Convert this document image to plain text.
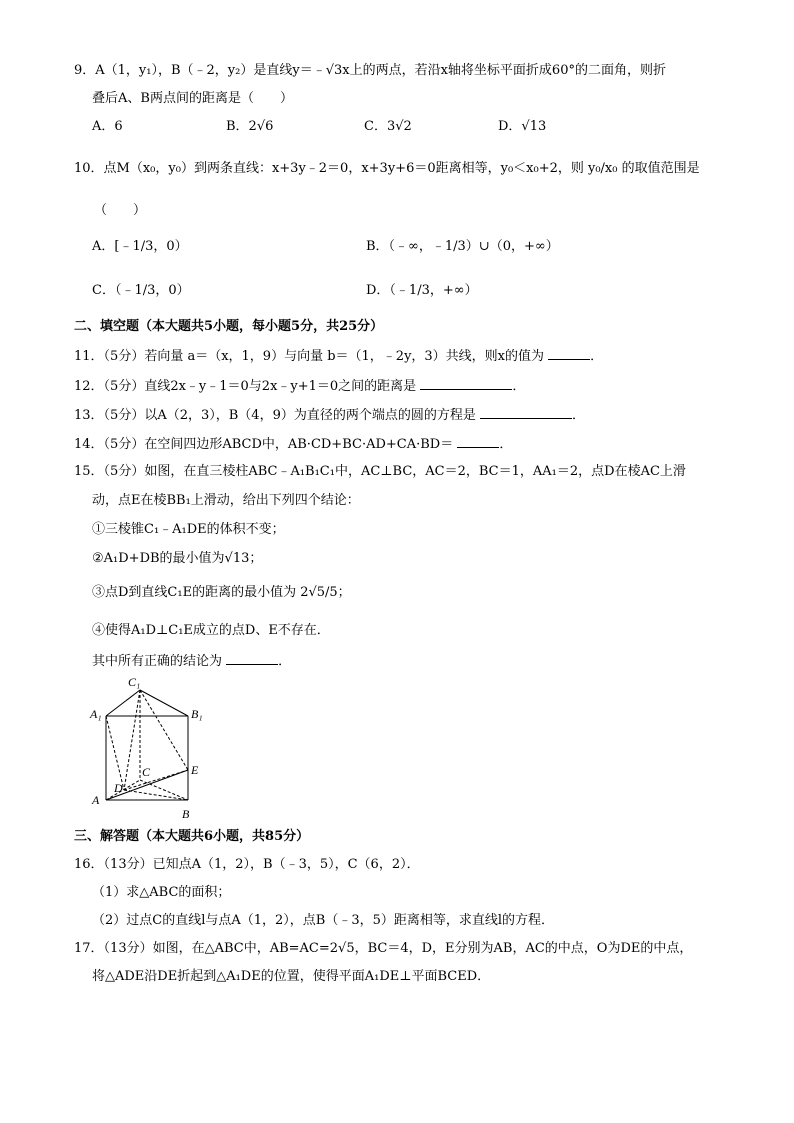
9．A（1，y₁），B（﹣2，y₂）是直线y＝﹣√3x上的两点，若沿x轴将坐标平面折成60°的二面角，则折
叠后A、B两点间的距离是（　　）
A．6	B．2√6	C．3√2	D．√13
10．点M（x₀，y₀）到两条直线：x+3y﹣2＝0，x+3y+6＝0距离相等，y₀＜x₀+2，则 y₀/x₀ 的取值范围是
（　　）
A．[﹣1/3，0）	B．（﹣∞，﹣1/3）∪（0，+∞）
C．（﹣1/3，0）	D．（﹣1/3，+∞）
二、填空题（本大题共5小题，每小题5分，共25分）
11．（5分）若向量 a＝（x，1，9）与向量 b＝（1，﹣2y，3）共线，则x的值为	．
12．（5分）直线2x﹣y﹣1＝0与2x﹣y+1＝0之间的距离是	．
13．（5分）以A（2，3），B（4，9）为直径的两个端点的圆的方程是	．
14．（5分）在空间四边形ABCD中，AB·CD+BC·AD+CA·BD＝	．
15．（5分）如图，在直三棱柱ABC﹣A₁B₁C₁中，AC⊥BC，AC＝2，BC＝1，AA₁＝2，点D在棱AC上滑
动，点E在棱BB₁上滑动，给出下列四个结论：
①三棱锥C₁﹣A₁DE的体积不变；
②A₁D+DB的最小值为√13；
③点D到直线C₁E的距离的最小值为 2√5/5；
④使得A₁D⊥C₁E成立的点D、E不存在．
其中所有正确的结论为	．
C₁
A₁	B₁
C
D
E
A
B
三、解答题（本大题共6小题，共85分）
16．（13分）已知点A（1，2），B（﹣3，5），C（6，2）．
（1）求△ABC的面积；
（2）过点C的直线l与点A（1，2），点B（﹣3，5）距离相等，求直线l的方程．
17．（13分）如图，在△ABC中，AB=AC=2√5，BC＝4，D，E分别为AB，AC的中点，O为DE的中点，
将△ADE沿DE折起到△A₁DE的位置，使得平面A₁DE⊥平面BCED．
